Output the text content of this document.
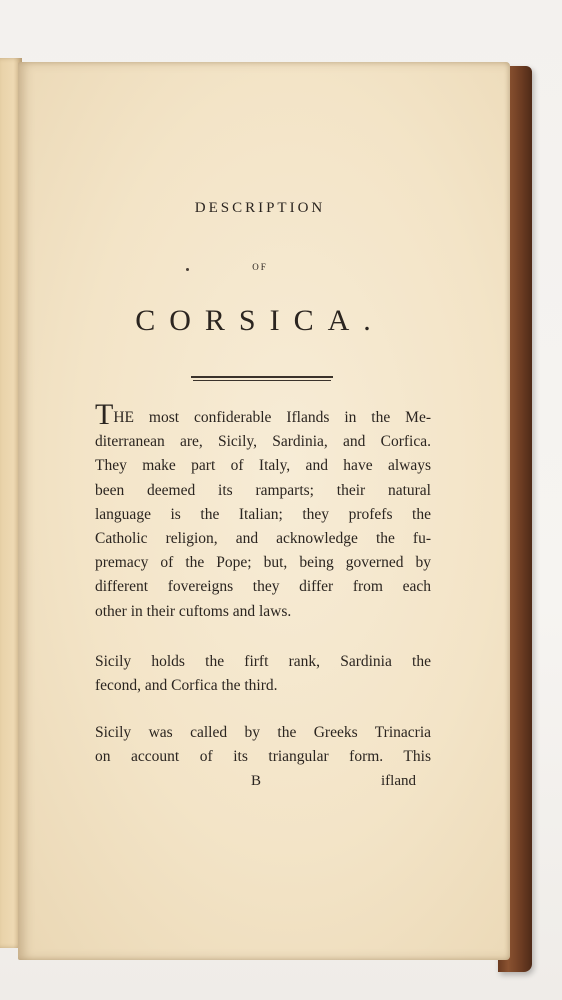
DESCRIPTION
OF
CORSICA.
THE most confiderable Iflands in the Me-
diterranean are, Sicily, Sardinia, and Corfica.
They make part of Italy, and have always
been deemed its ramparts; their natural
language is the Italian; they profefs the
Catholic religion, and acknowledge the fu-
premacy of the Pope; but, being governed by
different fovereigns they differ from each
other in their cuftoms and laws.
Sicily holds the firft rank, Sardinia the
fecond, and Corfica the third.
Sicily was called by the Greeks Trinacria
on account of its triangular form. This
B	ifland
